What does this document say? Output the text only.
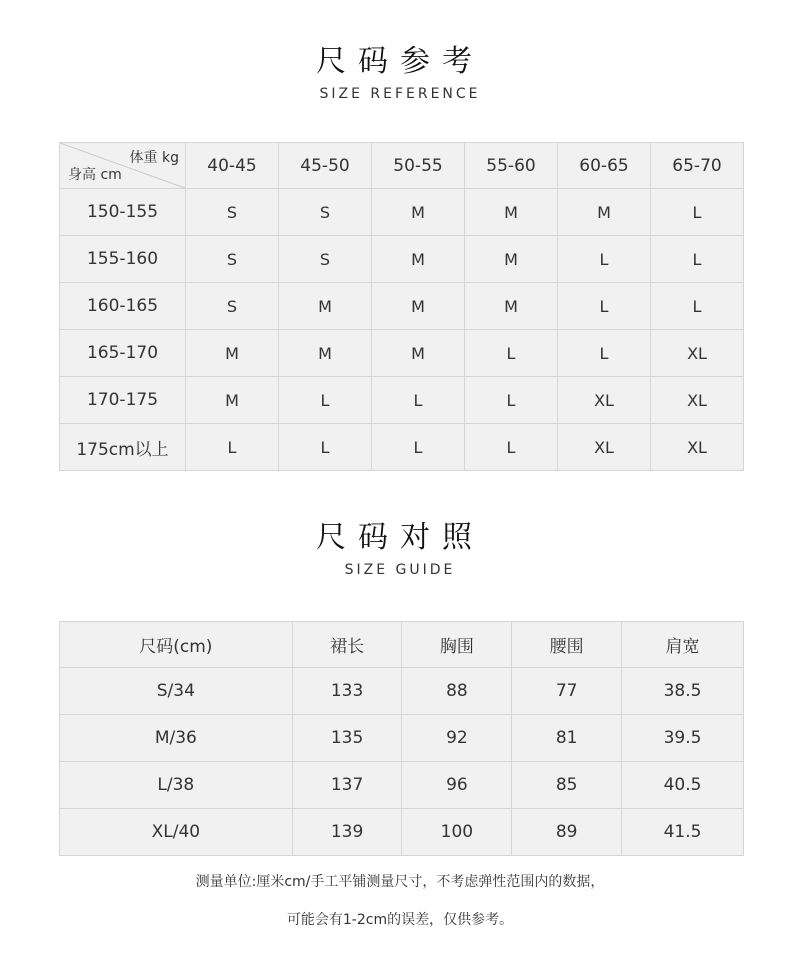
尺码参考
SIZE REFERENCE
体重 kg
身高 cm	40-45	45-50	50-55	55-60	60-65	65-70
150-155	S	S	M	M	M	L
155-160	S	S	M	M	L	L
160-165	S	M	M	M	L	L
165-170	M	M	M	L	L	XL
170-175	M	L	L	L	XL	XL
175cm以上	L	L	L	L	XL	XL
尺码对照
SIZE GUIDE
尺码(cm)	裙长	胸围	腰围	肩宽
S/34	133	88	77	38.5
M/36	135	92	81	39.5
L/38	137	96	85	40.5
XL/40	139	100	89	41.5
测量单位:厘米cm/手工平铺测量尺寸，不考虑弹性范围内的数据，
可能会有1-2cm的误差，仅供参考。
